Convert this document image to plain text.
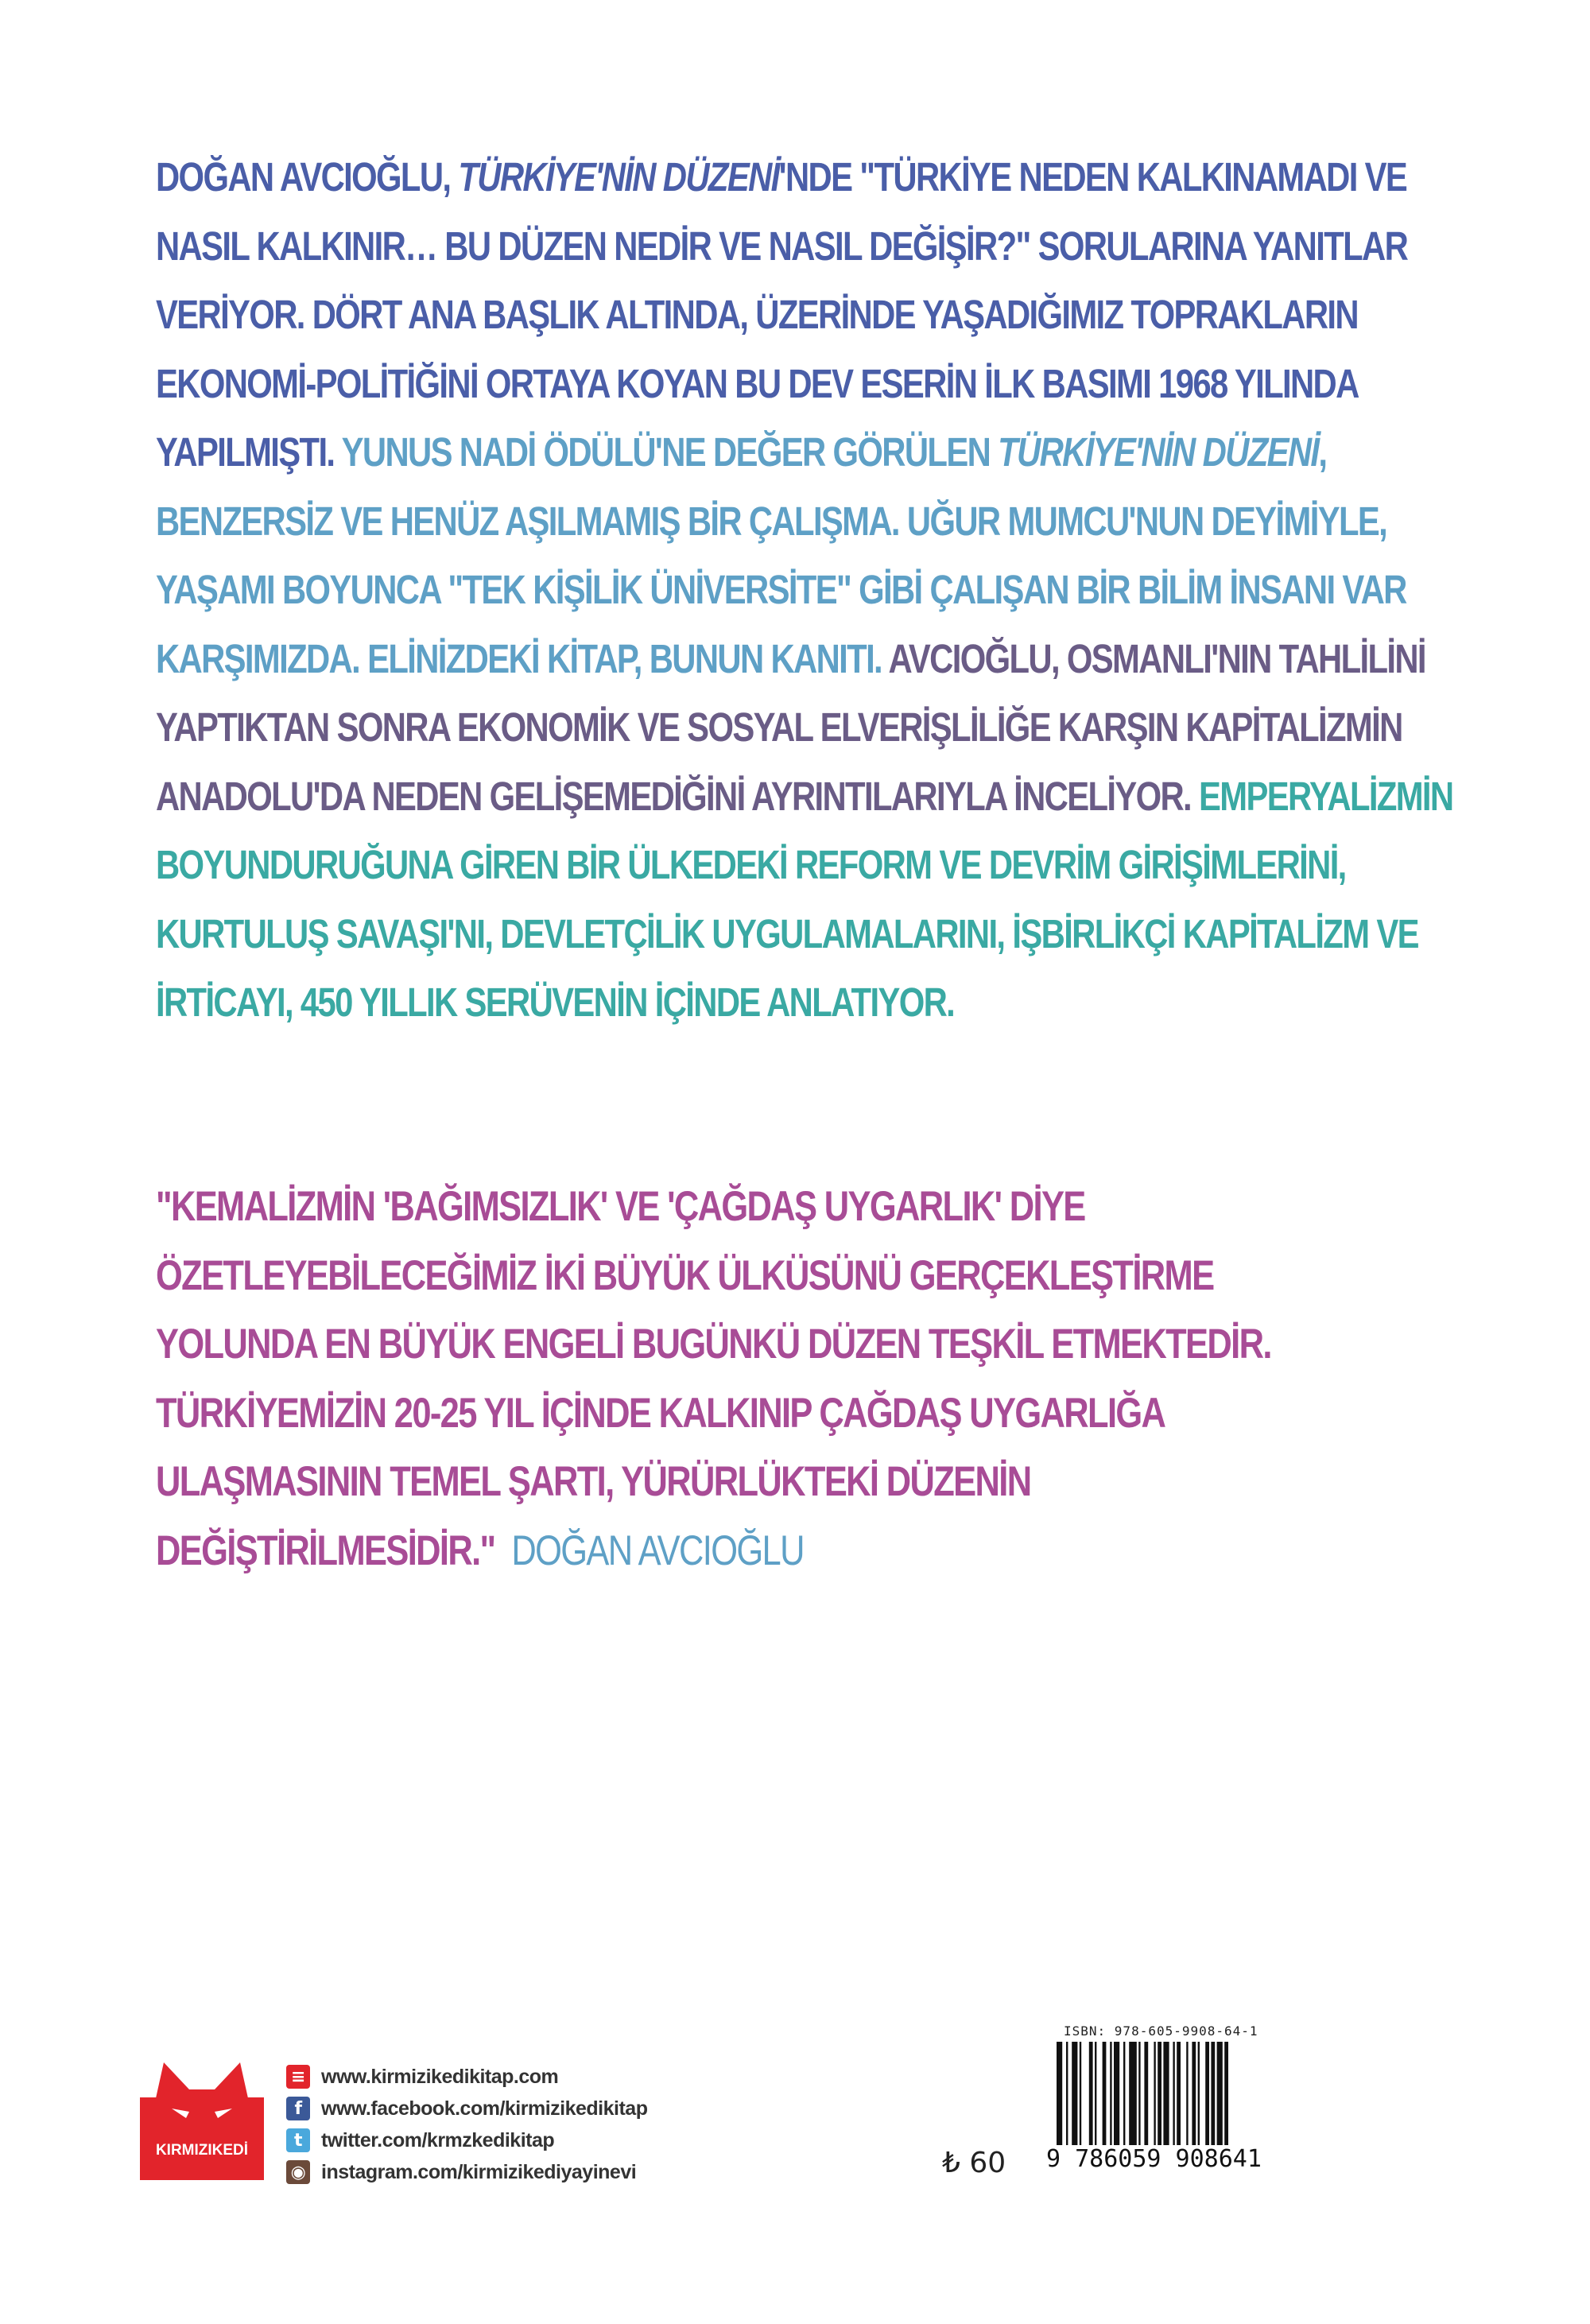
DOĞAN AVCIOĞLU, TÜRKİYE'NİN DÜZENİ'NDE "TÜRKİYE NEDEN KALKINAMADI VE NASIL KALKINIR… BU DÜZEN NEDİR VE NASIL DEĞİŞİR?" SORULARINA YANITLAR VERİYOR. DÖRT ANA BAŞLIK ALTINDA, ÜZERİNDE YAŞADIĞIMIZ TOPRAKLARIN EKONOMİ-POLİTİĞİNİ ORTAYA KOYAN BU DEV ESERİN İLK BASIMI 1968 YILINDA YAPILMIŞTI. YUNUS NADİ ÖDÜLÜ'NE DEĞER GÖRÜLEN TÜRKİYE'NİN DÜZENİ, BENZERSİZ VE HENÜZ AŞILMAMIŞ BİR ÇALIŞMA. UĞUR MUMCU'NUN DEYİMİYLE, YAŞAMI BOYUNCA "TEK KİŞİLİK ÜNİVERSİTE" GİBİ ÇALIŞAN BİR BİLİM İNSANI VAR KARŞIMIZDA. ELİNİZDEKİ KİTAP, BUNUN KANITI. AVCIOĞLU, OSMANLI'NIN TAHLİLİNİ YAPTIKTAN SONRA EKONOMİK VE SOSYAL ELVERİŞLİLİĞE KARŞIN KAPİTALİZMİN ANADOLU'DA NEDEN GELİŞEMEDİĞİNİ AYRINTILARIYLA İNCELİYOR. EMPERYALİZMİN BOYUNDURUĞUNA GİREN BİR ÜLKEDEKİ REFORM VE DEVRİM GİRİŞİMLERİNİ, KURTULUŞ SAVAŞI'NI, DEVLETÇİLİK UYGULAMALARINI, İŞBİRLİKÇİ KAPİTALİZM VE İRTİCAYI, 450 YILLIK SERÜVENİN İÇİNDE ANLATIYOR.
"KEMALİZMİN 'BAĞIMSIZLIK' VE 'ÇAĞDAŞ UYGARLIK' DİYE
ÖZETLEYEBİLECEĞİMİZ İKİ BÜYÜK ÜLKÜSÜNÜ GERÇEKLEŞTİRME
YOLUNDA EN BÜYÜK ENGELİ BUGÜNKÜ DÜZEN TEŞKİL ETMEKTEDİR.
TÜRKİYEMİZİN 20-25 YIL İÇİNDE KALKINIP ÇAĞDAŞ UYGARLIĞA
ULAŞMASININ TEMEL ŞARTI, YÜRÜRLÜKTEKİ DÜZENİN
DEĞİŞTİRİLMESİDİR." DOĞAN AVCIOĞLU
KIRMIZIKEDİ
≡ www.kirmizikedikitap.com
f www.facebook.com/kirmizikedikitap
t twitter.com/krmzkedikitap
◉ instagram.com/kirmizikediyayinevi	₺ 60
ISBN: 978-605-9908-64-1
9 786059 908641
